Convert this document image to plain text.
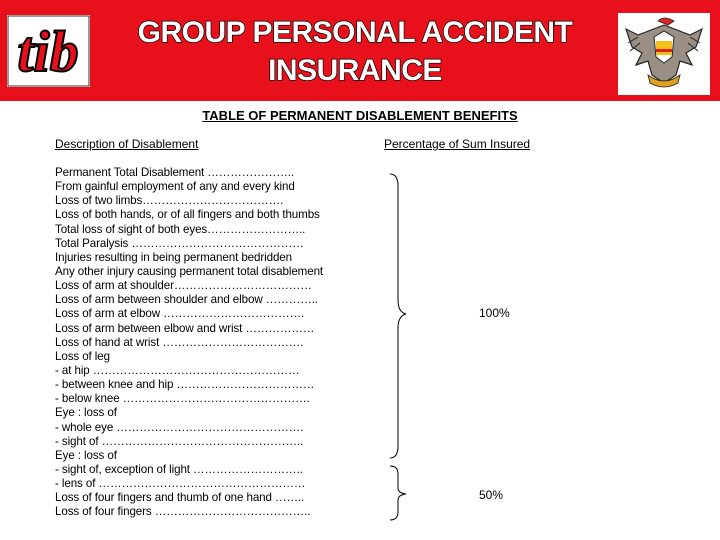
tib	GROUP PERSONAL ACCIDENT
INSURANCE
TABLE OF PERMANENT DISABLEMENT BENEFITS
Description of Disablement	Percentage of Sum Insured
Permanent Total Disablement …………………..
From gainful employment of any and every kind
Loss of two limbs……………………………….
Loss of both hands, or of all fingers and both thumbs
Total loss of sight of both eyes……………………..
Total Paralysis ………………………………………
Injuries resulting in being permanent bedridden
Any other injury causing permanent total disablement
Loss of arm at shoulder………………………………
Loss of arm between shoulder and elbow …………..
Loss of arm at elbow ……………………………….
Loss of arm between elbow and wrist ………………
Loss of hand at wrist ……………………………….
Loss of leg
- at hip ………………………………………………
- between knee and hip ………………………………
- below knee ………………………………………….
Eye : loss of
- whole eye ………………………………………….
- sight of ……………………………………………..
Eye : loss of
- sight of, exception of light ………………………..
- lens of ………………………………………………
Loss of four fingers and thumb of one hand ……..
Loss of four fingers …………………………………..
100%
50%
